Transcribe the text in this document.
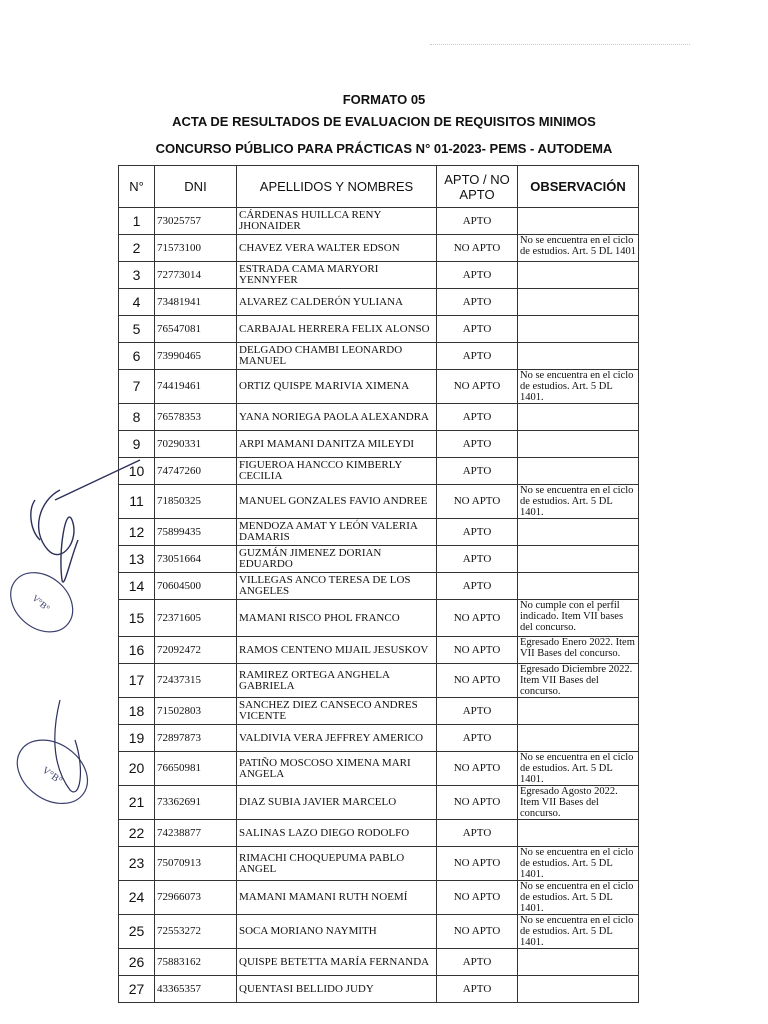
FORMATO 05
ACTA DE RESULTADOS DE EVALUACION DE REQUISITOS MINIMOS
CONCURSO PÚBLICO PARA PRÁCTICAS N° 01-2023- PEMS - AUTODEMA
N°	DNI	APELLIDOS Y NOMBRES	APTO / NO APTO	OBSERVACIÓN
1	73025757	CÁRDENAS HUILLCA RENY JHONAIDER	APTO	
2	71573100	CHAVEZ VERA WALTER EDSON	NO APTO	No se encuentra en el ciclo de estudios. Art. 5 DL 1401
3	72773014	ESTRADA CAMA MARYORI YENNYFER	APTO	
4	73481941	ALVAREZ CALDERÓN YULIANA	APTO	
5	76547081	CARBAJAL HERRERA FELIX ALONSO	APTO	
6	73990465	DELGADO CHAMBI LEONARDO MANUEL	APTO	
7	74419461	ORTIZ QUISPE MARIVIA XIMENA	NO APTO	No se encuentra en el ciclo de estudios. Art. 5 DL 1401.
8	76578353	YANA NORIEGA PAOLA ALEXANDRA	APTO	
9	70290331	ARPI MAMANI DANITZA MILEYDI	APTO	
10	74747260	FIGUEROA HANCCO KIMBERLY CECILIA	APTO	
11	71850325	MANUEL GONZALES FAVIO ANDREE	NO APTO	No se encuentra en el ciclo de estudios. Art. 5 DL 1401.
12	75899435	MENDOZA AMAT Y LEÓN VALERIA DAMARIS	APTO	
13	73051664	GUZMÁN JIMENEZ DORIAN EDUARDO	APTO	
14	70604500	VILLEGAS ANCO TERESA DE LOS ANGELES	APTO	
15	72371605	MAMANI RISCO PHOL FRANCO	NO APTO	No cumple con el perfil indicado. Item VII bases del concurso.
16	72092472	RAMOS CENTENO MIJAIL JESUSKOV	NO APTO	Egresado Enero 2022. Item VII Bases del concurso.
17	72437315	RAMIREZ ORTEGA ANGHELA GABRIELA	NO APTO	Egresado Diciembre 2022. Item VII Bases del concurso.
18	71502803	SANCHEZ DIEZ CANSECO ANDRES VICENTE	APTO	
19	72897873	VALDIVIA VERA JEFFREY AMERICO	APTO	
20	76650981	PATIÑO MOSCOSO XIMENA MARI ANGELA	NO APTO	No se encuentra en el ciclo de estudios. Art. 5 DL 1401.
21	73362691	DIAZ SUBIA JAVIER MARCELO	NO APTO	Egresado Agosto 2022. Item VII Bases del concurso.
22	74238877	SALINAS LAZO DIEGO RODOLFO	APTO	
23	75070913	RIMACHI CHOQUEPUMA PABLO ANGEL	NO APTO	No se encuentra en el ciclo de estudios. Art. 5 DL 1401.
24	72966073	MAMANI MAMANI RUTH NOEMÍ	NO APTO	No se encuentra en el ciclo de estudios. Art. 5 DL 1401.
25	72553272	SOCA MORIANO NAYMITH	NO APTO	No se encuentra en el ciclo de estudios. Art. 5 DL 1401.
26	75883162	QUISPE BETETTA MARÍA FERNANDA	APTO	
27	43365357	QUENTASI BELLIDO JUDY	APTO	
V°B°
V°B°
